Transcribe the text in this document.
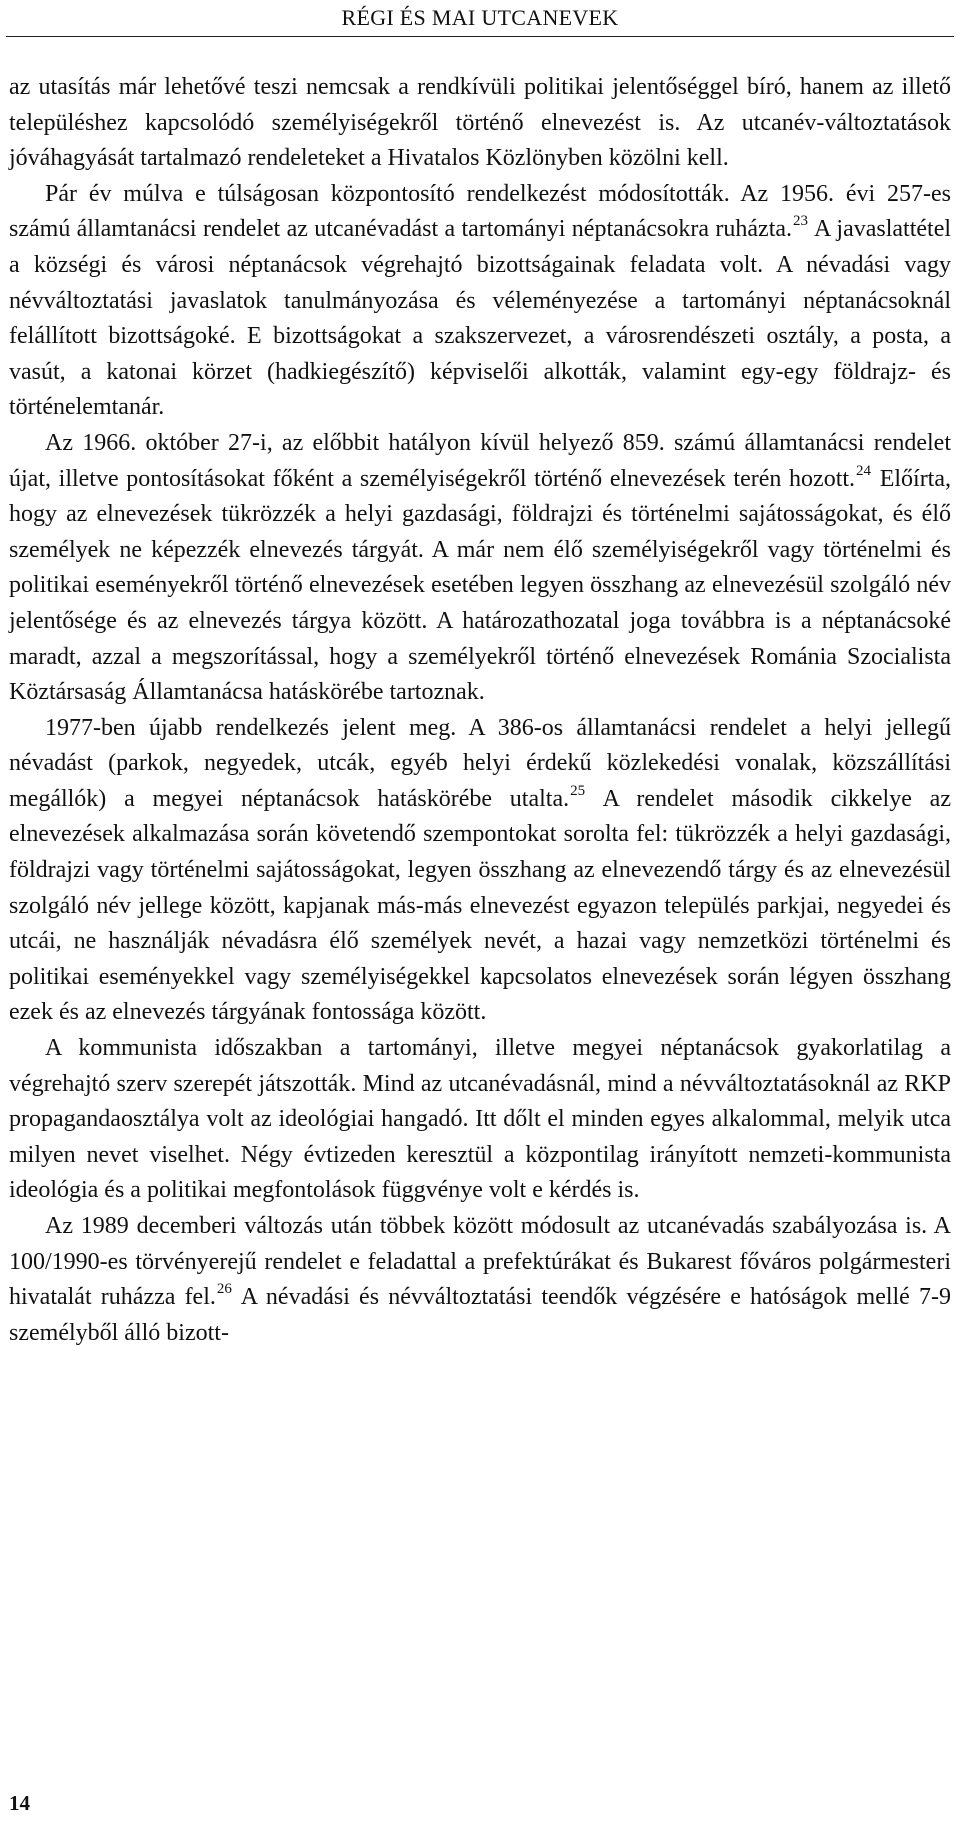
RÉGI ÉS MAI UTCANEVEK

az utasítás már lehetővé teszi nemcsak a rendkívüli politikai jelentőséggel bíró, hanem az illető településhez kapcsolódó személyiségekről történő elnevezést is. Az utcanév-változtatások jóváhagyását tartalmazó rendeleteket a Hivatalos Közlönyben közölni kell.

Pár év múlva e túlságosan központosító rendelkezést módosították. Az 1956. évi 257-es számú államtanácsi rendelet az utcanévadást a tartományi néptanácsokra ruházta.$^{23}$ A javaslattétel a községi és városi néptanácsok végrehajtó bizottságainak feladata volt. A névadási vagy névváltoztatási javaslatok tanulmányozása és véleményezése a tartományi néptanácsoknál felállított bizottságoké. E bizottságokat a szakszervezet, a városrendészeti osztály, a posta, a vasút, a katonai körzet (hadkiegészítő) képviselői alkották, valamint egy-egy földrajz- és történelemtanár.

Az 1966. október 27-i, az előbbit hatályon kívül helyező 859. számú államtanácsi rendelet újat, illetve pontosításokat főként a személyiségekről történő elnevezések terén hozott.$^{24}$ Előírta, hogy az elnevezések tükrözzék a helyi gazdasági, földrajzi és történelmi sajátosságokat, és élő személyek ne képezzék elnevezés tárgyát. A már nem élő személyiségekről vagy történelmi és politikai eseményekről történő elnevezések esetében legyen összhang az elnevezésül szolgáló név jelentősége és az elnevezés tárgya között. A határozathozatal joga továbbra is a néptanácsoké maradt, azzal a megszorítással, hogy a személyekről történő elnevezések Románia Szocialista Köztársaság Államtanácsa hatáskörébe tartoznak.

1977-ben újabb rendelkezés jelent meg. A 386-os államtanácsi rendelet a helyi jellegű névadást (parkok, negyedek, utcák, egyéb helyi érdekű közlekedési vonalak, közszállítási megállók) a megyei néptanácsok hatáskörébe utalta.$^{25}$ A rendelet második cikkelye az elnevezések alkalmazása során követendő szempontokat sorolta fel: tükrözzék a helyi gazdasági, földrajzi vagy történelmi sajátosságokat, legyen összhang az elnevezendő tárgy és az elnevezésül szolgáló név jellege között, kapjanak más-más elnevezést egyazon település parkjai, negyedei és utcái, ne használják névadásra élő személyek nevét, a hazai vagy nemzetközi történelmi és politikai eseményekkel vagy személyiségekkel kapcsolatos elnevezések során légyen összhang ezek és az elnevezés tárgyának fontossága között.

A kommunista időszakban a tartományi, illetve megyei néptanácsok gyakorlatilag a végrehajtó szerv szerepét játszották. Mind az utcanévadásnál, mind a névváltoztatásoknál az RKP propagandaosztálya volt az ideológiai hangadó. Itt dőlt el minden egyes alkalommal, melyik utca milyen nevet viselhet. Négy évtizeden keresztül a központilag irányított nemzeti-kommunista ideológia és a politikai megfontolások függvénye volt e kérdés is.

Az 1989 decemberi változás után többek között módosult az utcanévadás szabályozása is. A 100/1990-es törvényerejű rendelet e feladattal a prefektúrákat és Bukarest főváros polgármesteri hivatalát ruházza fel.$^{26}$ A névadási és névváltoztatási teendők végzésére e hatóságok mellé 7-9 személyből álló bizott-

14
